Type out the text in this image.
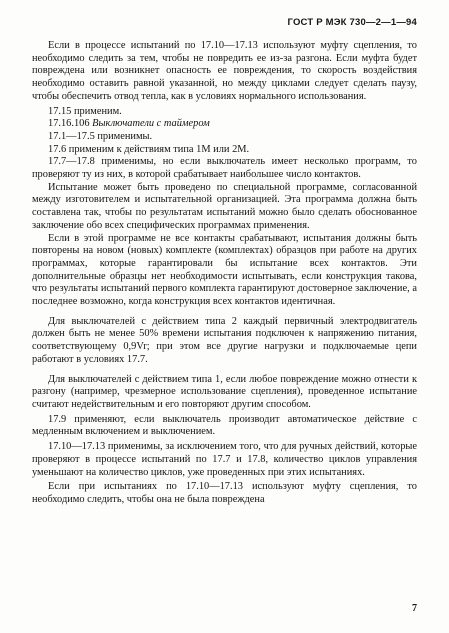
ГОСТ Р МЭК 730—2—1—94

Если в процессе испытаний по 17.10—17.13 используют муфту сцепления, то необходимо следить за тем, чтобы не повредить ее из-за разгона. Если муфта будет повреждена или возникнет опасность ее повреждения, то скорость воздействия необходимо оставить равной указанной, но между циклами следует сделать паузу, чтобы обеспечить отвод тепла, как в условиях нормального использования.

17.15 применим.

17.16.106 Выключатели с таймером

17.1—17.5 применимы.

17.6 применим к действиям типа 1М или 2М.

17.7—17.8 применимы, но если выключатель имеет несколько программ, то проверяют ту из них, в которой срабатывает наибольшее число контактов.

Испытание может быть проведено по специальной программе, согласованной между изготовителем и испытательной организацией. Эта программа должна быть составлена так, чтобы по результатам испытаний можно было сделать обоснованное заключение обо всех специфических программах применения.

Если в этой программе не все контакты срабатывают, испытания должны быть повторены на новом (новых) комплекте (комплектах) образцов при работе на других программах, которые гарантировали бы испытание всех контактов. Эти дополнительные образцы нет необходимости испытывать, если конструкция такова, что результаты испытаний первого комплекта гарантируют достоверное заключение, а последнее возможно, когда конструкция всех контактов идентичная.

Для выключателей с действием типа 2 каждый первичный электродвигатель должен быть не менее 50% времени испытания подключен к напряжению питания, соответствующему 0,9Vr; при этом все другие нагрузки и подключаемые цепи работают в условиях 17.7.

Для выключателей с действием типа 1, если любое повреждение можно отнести к разгону (например, чрезмерное использование сцепления), проведенное испытание считают недействительным и его повторяют другим способом.

17.9 применяют, если выключатель производит автоматическое действие с медленным включением и выключением.

17.10—17.13 применимы, за исключением того, что для ручных действий, которые проверяют в процессе испытаний по 17.7 и 17.8, количество циклов управления уменьшают на количество циклов, уже проведенных при этих испытаниях.

Если при испытаниях по 17.10—17.13 используют муфту сцепления, то необходимо следить, чтобы она не была повреждена

7
